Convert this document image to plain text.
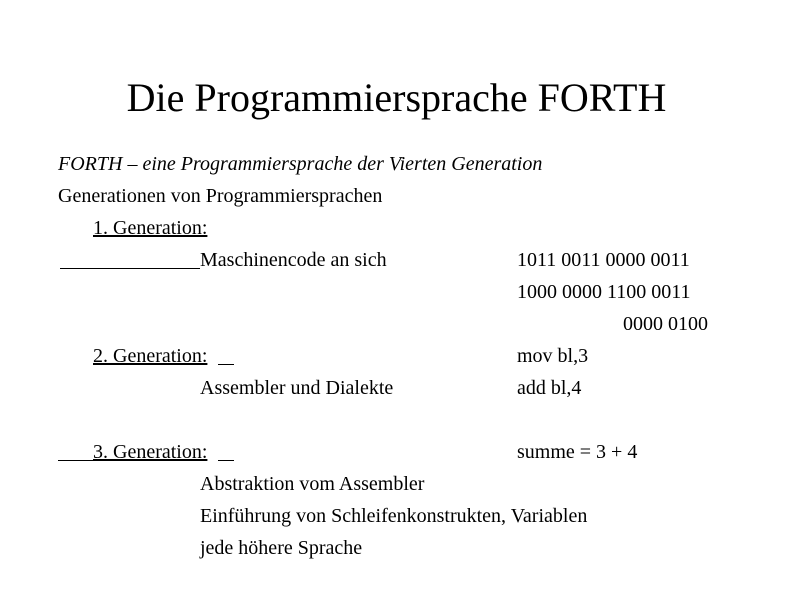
Die Programmiersprache FORTH
FORTH – eine Programmiersprache der Vierten Generation
Generationen von Programmiersprachen
1. Generation:
Maschinencode an sich	1011 0011 0000 0011
1000 0000 1100 0011
0000 0100
2. Generation:
Assembler und Dialekte
mov bl,3
add bl,4
3. Generation:	summe = 3 + 4
Abstraktion vom Assembler
Einführung von Schleifenkonstrukten, Variablen
jede höhere Sprache
